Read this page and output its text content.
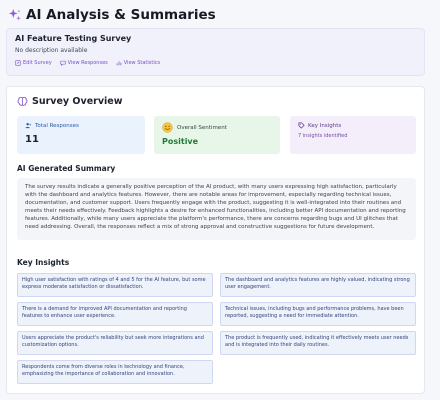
AI Analysis & Summaries
AI Feature Testing Survey
No description available
Edit Survey	View Responses	View Statistics
Survey Overview
Total Responses
11
Overall Sentiment
Positive
Key Insights
7 insights identified
AI Generated Summary

The survey results indicate a generally positive perception of the AI product, with many users expressing high satisfaction, particularly with the dashboard and analytics features. However, there are notable areas for improvement, especially regarding technical issues, documentation, and customer support. Users frequently engage with the product, suggesting it is well-integrated into their routines and meets their needs effectively. Feedback highlights a desire for enhanced functionalities, including better API documentation and reporting features. Additionally, while many users appreciate the platform's performance, there are concerns regarding bugs and UI glitches that need addressing. Overall, the responses reflect a mix of strong approval and constructive suggestions for future development.

Key Insights
High user satisfaction with ratings of 4 and 5 for the AI feature, but some express moderate satisfaction or dissatisfaction.
The dashboard and analytics features are highly valued, indicating strong user engagement.
There is a demand for improved API documentation and reporting features to enhance user experience.
Technical issues, including bugs and performance problems, have been reported, suggesting a need for immediate attention.
Users appreciate the product's reliability but seek more integrations and customization options.
The product is frequently used, indicating it effectively meets user needs and is integrated into their daily routines.
Respondents come from diverse roles in technology and finance, emphasizing the importance of collaboration and innovation.
